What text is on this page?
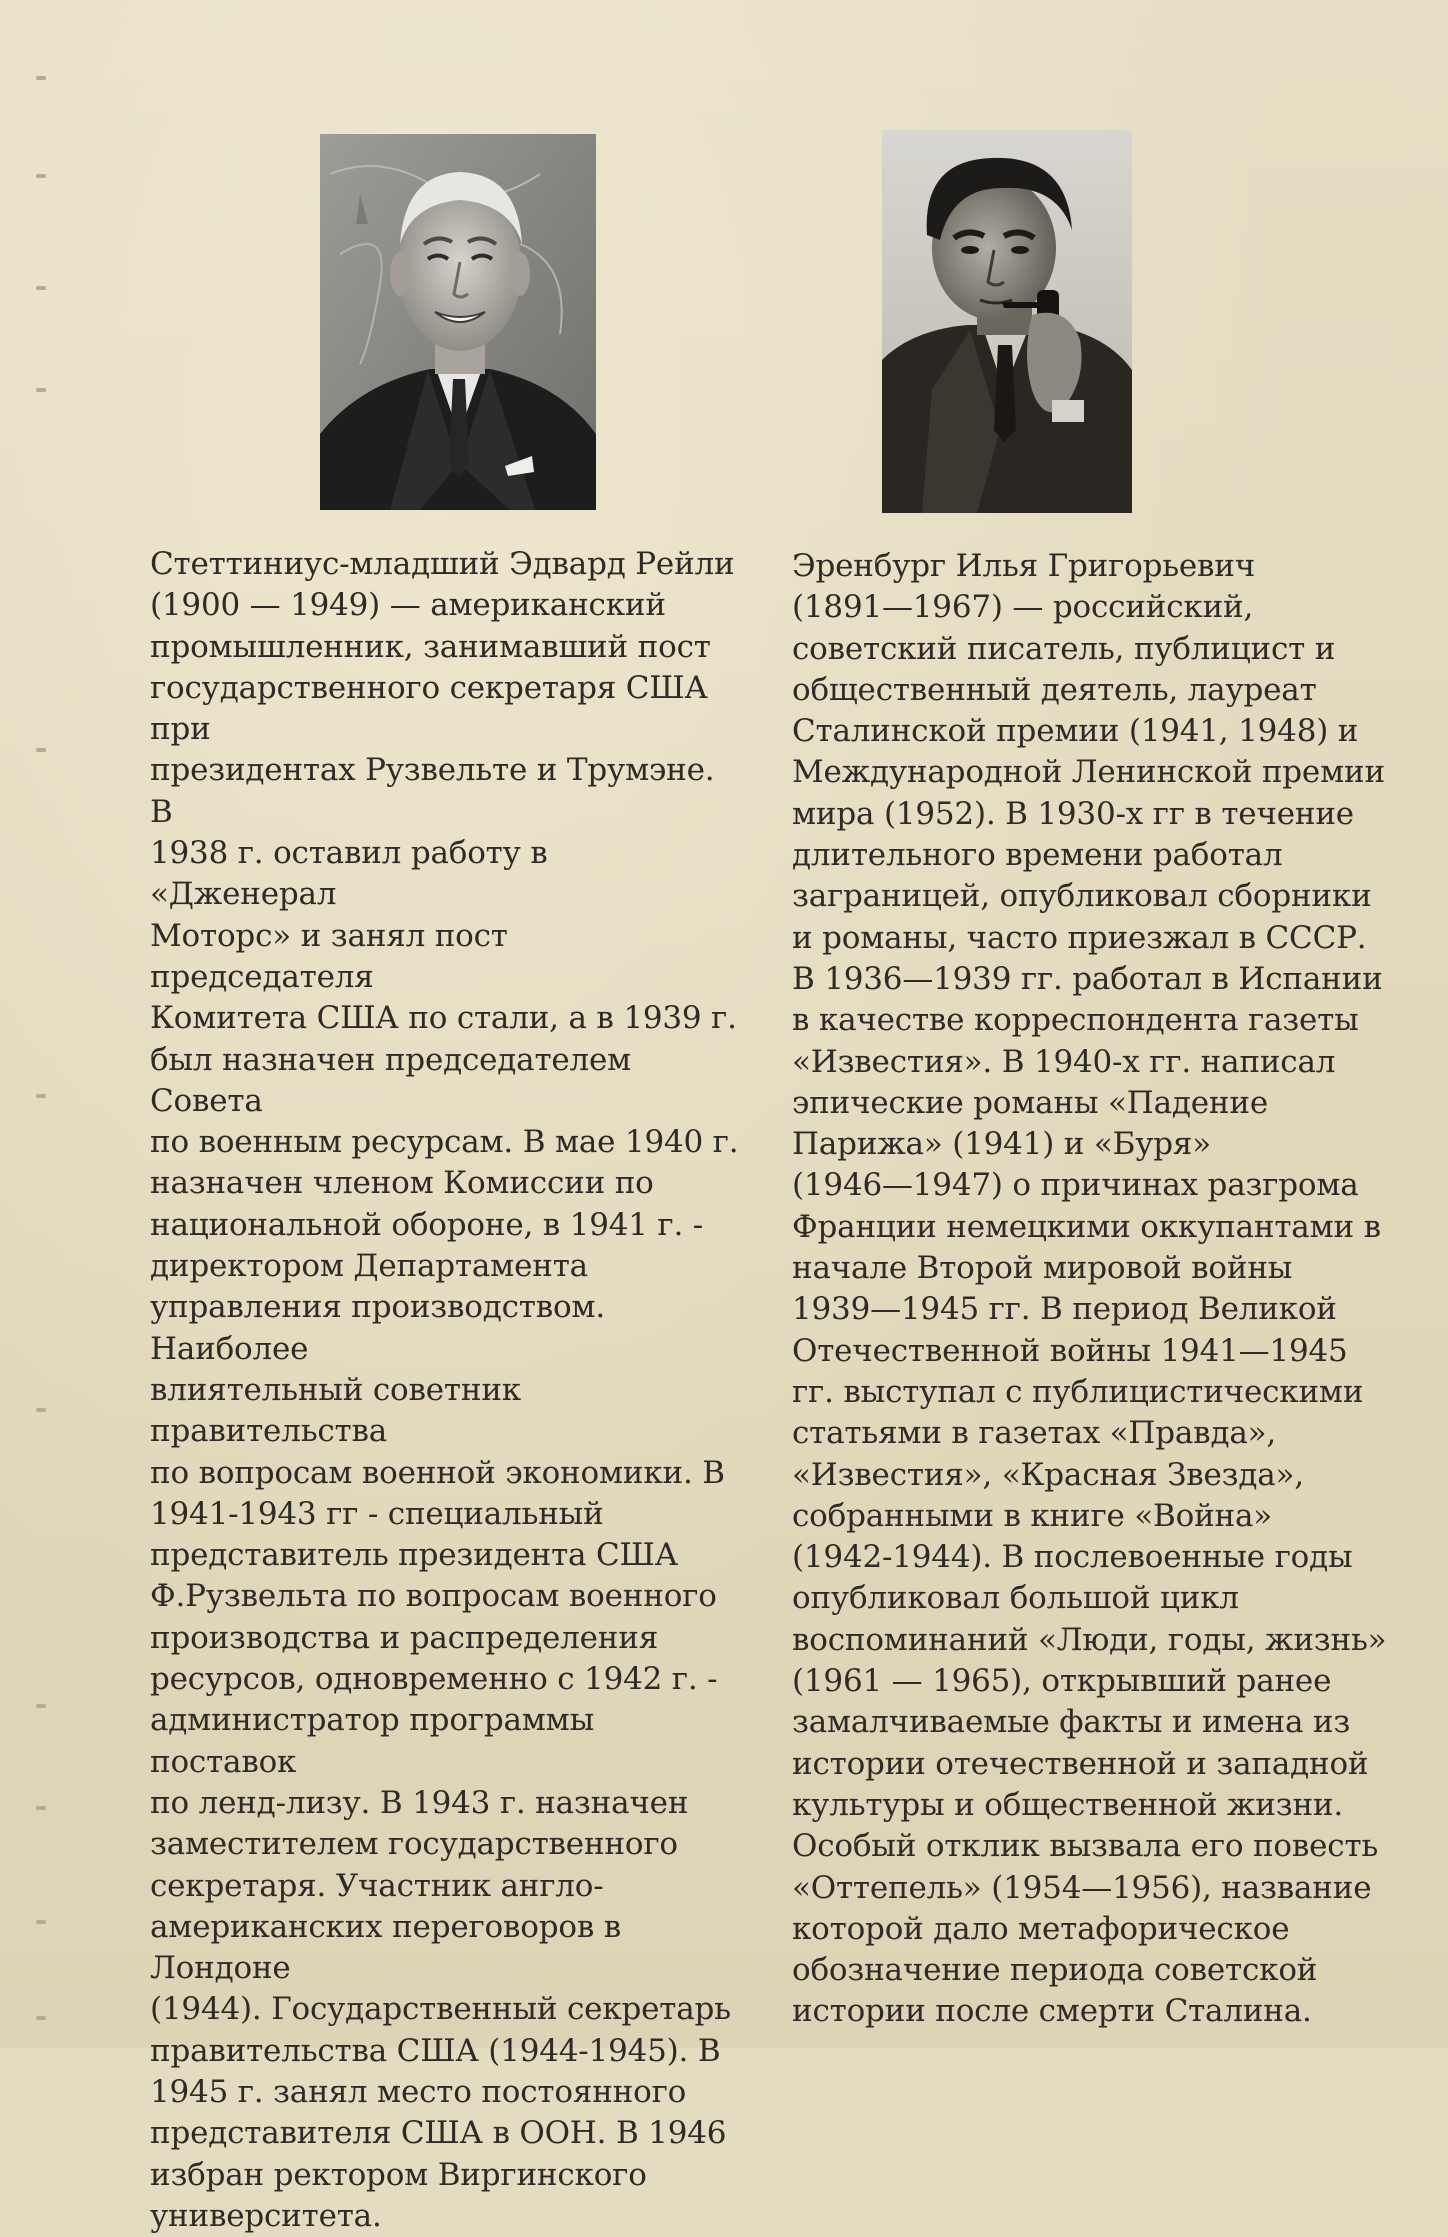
Стеттиниус-младший Эдвард Рейли
(1900 — 1949) — американский
промышленник, занимавший пост
государственного секретаря США при
президентах Рузвельте и Трумэне. В
1938 г. оставил работу в «Дженерал
Моторс» и занял пост председателя
Комитета США по стали, а в 1939 г.
был назначен председателем Совета
по военным ресурсам. В мае 1940 г.
назначен членом Комиссии по
национальной обороне, в 1941 г. -
директором Департамента
управления производством. Наиболее
влиятельный советник правительства
по вопросам военной экономики. В
1941-1943 гг - специальный
представитель президента США
Ф.Рузвельта по вопросам военного
производства и распределения
ресурсов, одновременно с 1942 г. -
администратор программы поставок
по ленд-лизу. В 1943 г. назначен
заместителем государственного
секретаря. Участник англо-
американских переговоров в Лондоне
(1944). Государственный секретарь
правительства США (1944-1945). В
1945 г. занял место постоянного
представителя США в ООН. В 1946
избран ректором Виргинского
университета.
Эренбург Илья Григорьевич
(1891—1967) — российский,
советский писатель, публицист и
общественный деятель, лауреат
Сталинской премии (1941, 1948) и
Международной Ленинской премии
мира (1952). В 1930-х гг в течение
длительного времени работал
заграницей, опубликовал сборники
и романы, часто приезжал в СССР.
В 1936—1939 гг. работал в Испании
в качестве корреспондента газеты
«Известия». В 1940-х гг. написал
эпические романы «Падение
Парижа» (1941) и «Буря»
(1946—1947) о причинах разгрома
Франции немецкими оккупантами в
начале Второй мировой войны
1939—1945 гг. В период Великой
Отечественной войны 1941—1945
гг. выступал с публицистическими
статьями в газетах «Правда»,
«Известия», «Красная Звезда»,
собранными в книге «Война»
(1942-1944). В послевоенные годы
опубликовал большой цикл
воспоминаний «Люди, годы, жизнь»
(1961 — 1965), открывший ранее
замалчиваемые факты и имена из
истории отечественной и западной
культуры и общественной жизни.
Особый отклик вызвала его повесть
«Оттепель» (1954—1956), название
которой дало метафорическое
обозначение периода советской
истории после смерти Сталина.
